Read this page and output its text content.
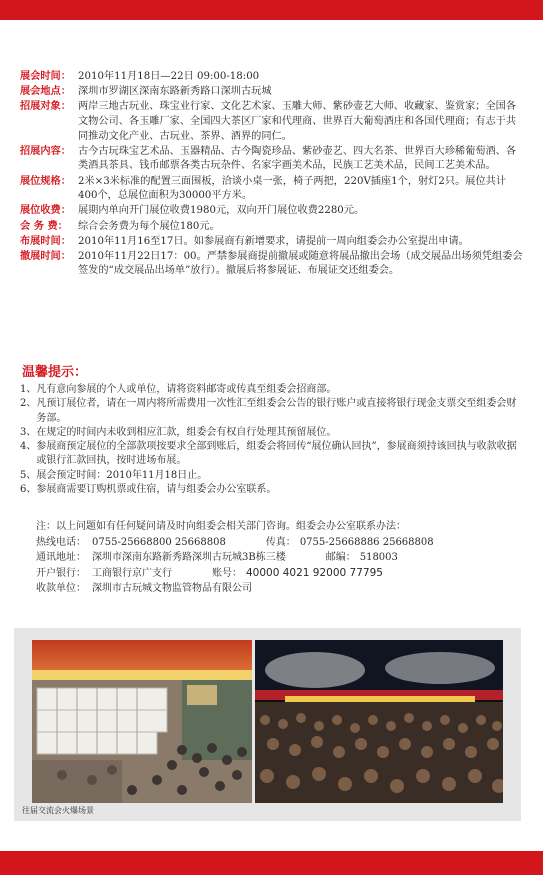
展会时间： 2010年11月18日—22日 09:00-18:00
展会地点： 深圳市罗湖区深南东路新秀路口深圳古玩城
招展对象： 两岸三地古玩业、珠宝业行家、文化艺术家、玉雕大师、紫砂壶艺大师、收藏家、鉴赏家；全国各文物公司、各玉雕厂家、全国四大茶区厂家和代理商、世界百大葡萄酒庄和各国代理商；有志于共同推动文化产业、古玩业、茶界、酒界的同仁。
招展内容： 古今古玩珠宝艺术品、玉器精品、古今陶瓷珍品、紫砂壶艺、四大名茶、世界百大珍稀葡萄酒、各类酒具茶具、钱币邮票各类古玩杂件、名家字画美术品，民族工艺美术品，民间工艺美术品。
展位规格： 2米×3米标准的配置三面围板，洽谈小桌一张，椅子两把，220V插座1个，射灯2只。展位共计400个，总展位面积为30000平方米。
展位收费： 展期内单向开门展位收费1980元，双向开门展位收费2280元。
会 务 费： 综合会务费为每个展位180元。
布展时间： 2010年11月16至17日。如参展商有新增要求，请提前一周向组委会办公室提出申请。
撤展时间： 2010年11月22日17：00。严禁参展商提前撤展或随意将展品撤出会场（成交展品出场须凭组委会签发的“成交展品出场单”放行）。撤展后将参展证、布展证交还组委会。
温馨提示：
1、 凡有意向参展的个人或单位，请将资料邮寄或传真至组委会招商部。
2、 凡预订展位者，请在一周内将所需费用一次性汇至组委会公告的银行账户或直接将银行现金支票交至组委会财务部。
3、 在规定的时间内未收到相应汇款，组委会有权自行处理其预留展位。
4、 参展商预定展位的全部款项按要求全部到账后，组委会将回传“展位确认回执”，参展商须持该回执与收款收据或银行汇款回执，按时进场布展。
5、 展会预定时间：2010年11月18日止。
6、 参展商需要订购机票或住宿，请与组委会办公室联系。
注：以上问题如有任何疑问请及时向组委会相关部门咨询。组委会办公室联系办法：
热线电话： 0755-25668800 25668808	传真： 0755-25668886 25668808
通讯地址： 深圳市深南东路新秀路深圳古玩城3B栋三楼	邮编： 518003
开户银行： 工商银行京广支行	账号： 40000 4021 92000 77795
收款单位： 深圳市古玩城文物监管物品有限公司
往届交流会火爆场景
